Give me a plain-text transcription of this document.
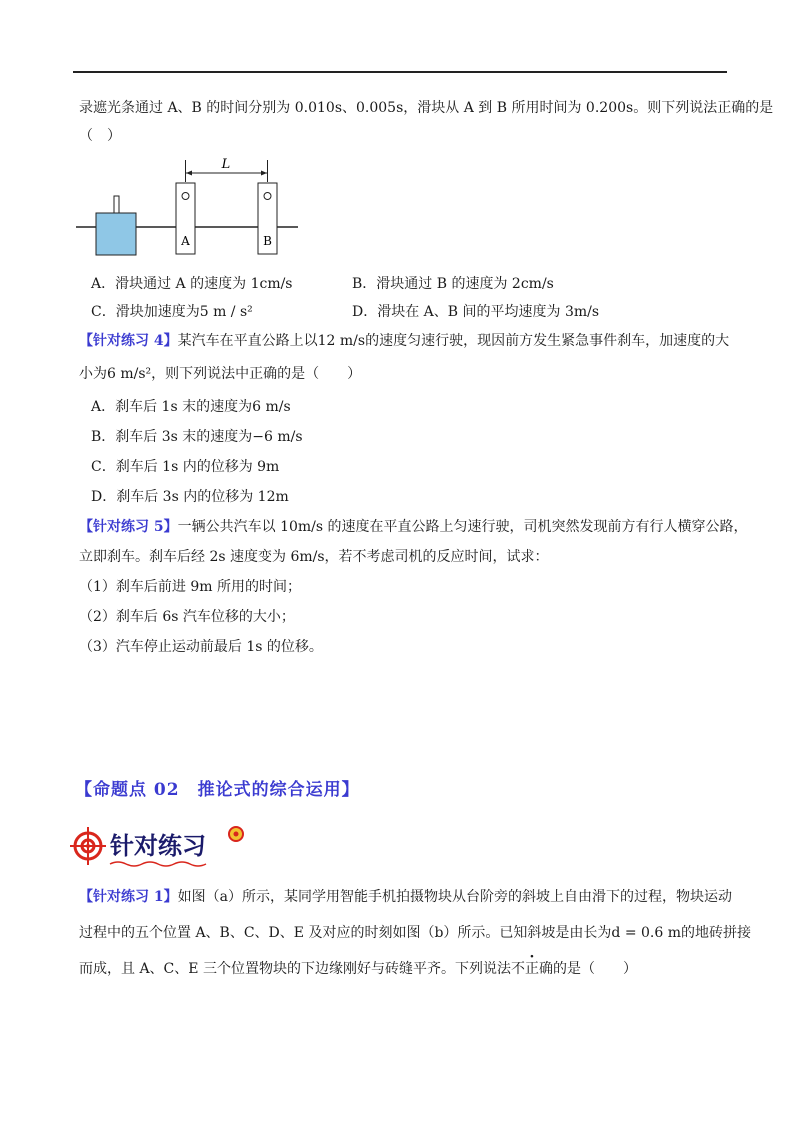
录遮光条通过 A、B 的时间分别为 0.010s、0.005s，滑块从 A 到 B 所用时间为 0.200s。则下列说法正确的是
（　）
L
A	B
A．滑块通过 A 的速度为 1cm/s	B．滑块通过 B 的速度为 2cm/s
C．滑块加速度为5 m / s²	D．滑块在 A、B 间的平均速度为 3m/s
【针对练习 4】某汽车在平直公路上以12 m/s的速度匀速行驶，现因前方发生紧急事件刹车，加速度的大
小为6 m/s²，则下列说法中正确的是（　　）
A．刹车后 1s 末的速度为6 m/s
B．刹车后 3s 末的速度为−6 m/s
C．刹车后 1s 内的位移为 9m
D．刹车后 3s 内的位移为 12m
【针对练习 5】一辆公共汽车以 10m/s 的速度在平直公路上匀速行驶，司机突然发现前方有行人横穿公路，
立即刹车。刹车后经 2s 速度变为 6m/s，若不考虑司机的反应时间，试求：
（1）刹车后前进 9m 所用的时间；
（2）刹车后 6s 汽车位移的大小；
（3）汽车停止运动前最后 1s 的位移。
【命题点 02　推论式的综合运用】
针对练习
【针对练习 1】如图（a）所示，某同学用智能手机拍摄物块从台阶旁的斜坡上自由滑下的过程，物块运动
过程中的五个位置 A、B、C、D、E 及对应的时刻如图（b）所示。已知斜坡是由长为d = 0.6 m的地砖拼接
而成，且 A、C、E 三个位置物块的下边缘刚好与砖缝平齐。下列说法不正确的是（　　）
